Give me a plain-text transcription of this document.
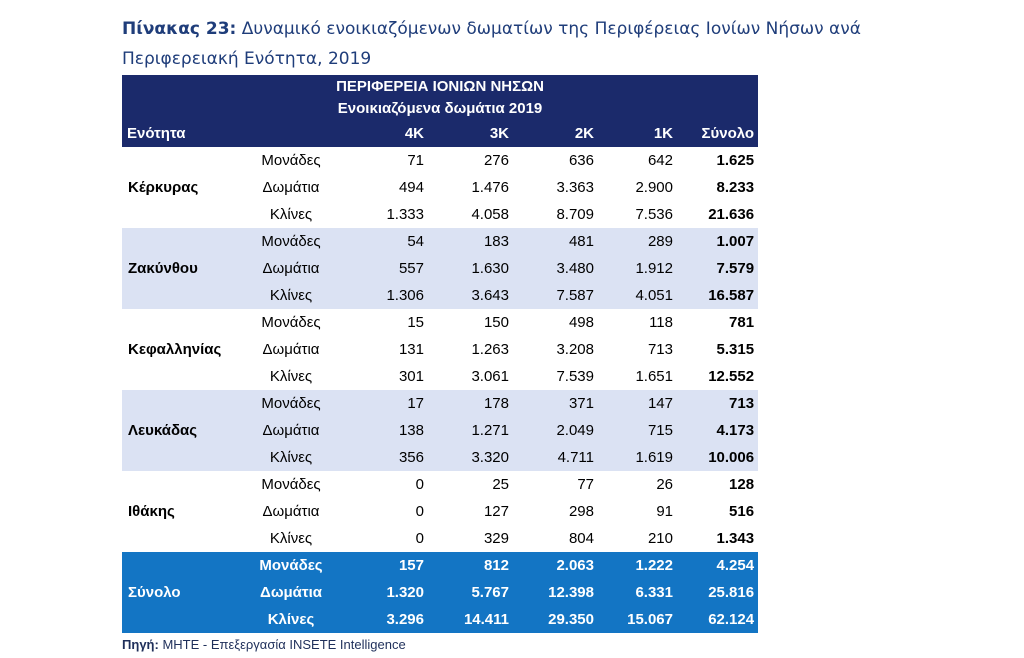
Πίνακας 23: Δυναμικό ενοικιαζόμενων δωματίων της Περιφέρειας Ιονίων Νήσων ανά Περιφερειακή Ενότητα, 2019
ΠΕΡΙΦΕΡΕΙΑ ΙΟΝΙΩΝ ΝΗΣΩΝ						
Ενοικιαζόμενα δωμάτια 2019						
Ενότητα		4Κ	3Κ	2Κ	1Κ	Σύνολο
Κέρκυρας	Μονάδες	71	276	636	642	1.625
	Δωμάτια	494	1.476	3.363	2.900	8.233
	Κλίνες	1.333	4.058	8.709	7.536	21.636
Ζακύνθου	Μονάδες	54	183	481	289	1.007
	Δωμάτια	557	1.630	3.480	1.912	7.579
	Κλίνες	1.306	3.643	7.587	4.051	16.587
Κεφαλληνίας	Μονάδες	15	150	498	118	781
	Δωμάτια	131	1.263	3.208	713	5.315
	Κλίνες	301	3.061	7.539	1.651	12.552
Λευκάδας	Μονάδες	17	178	371	147	713
	Δωμάτια	138	1.271	2.049	715	4.173
	Κλίνες	356	3.320	4.711	1.619	10.006
Ιθάκης	Μονάδες	0	25	77	26	128
	Δωμάτια	0	127	298	91	516
	Κλίνες	0	329	804	210	1.343
Σύνολο	Μονάδες	157	812	2.063	1.222	4.254
	Δωμάτια	1.320	5.767	12.398	6.331	25.816
	Κλίνες	3.296	14.411	29.350	15.067	62.124
Πηγή: ΜΗΤΕ - Επεξεργασία INSETE Intelligence
